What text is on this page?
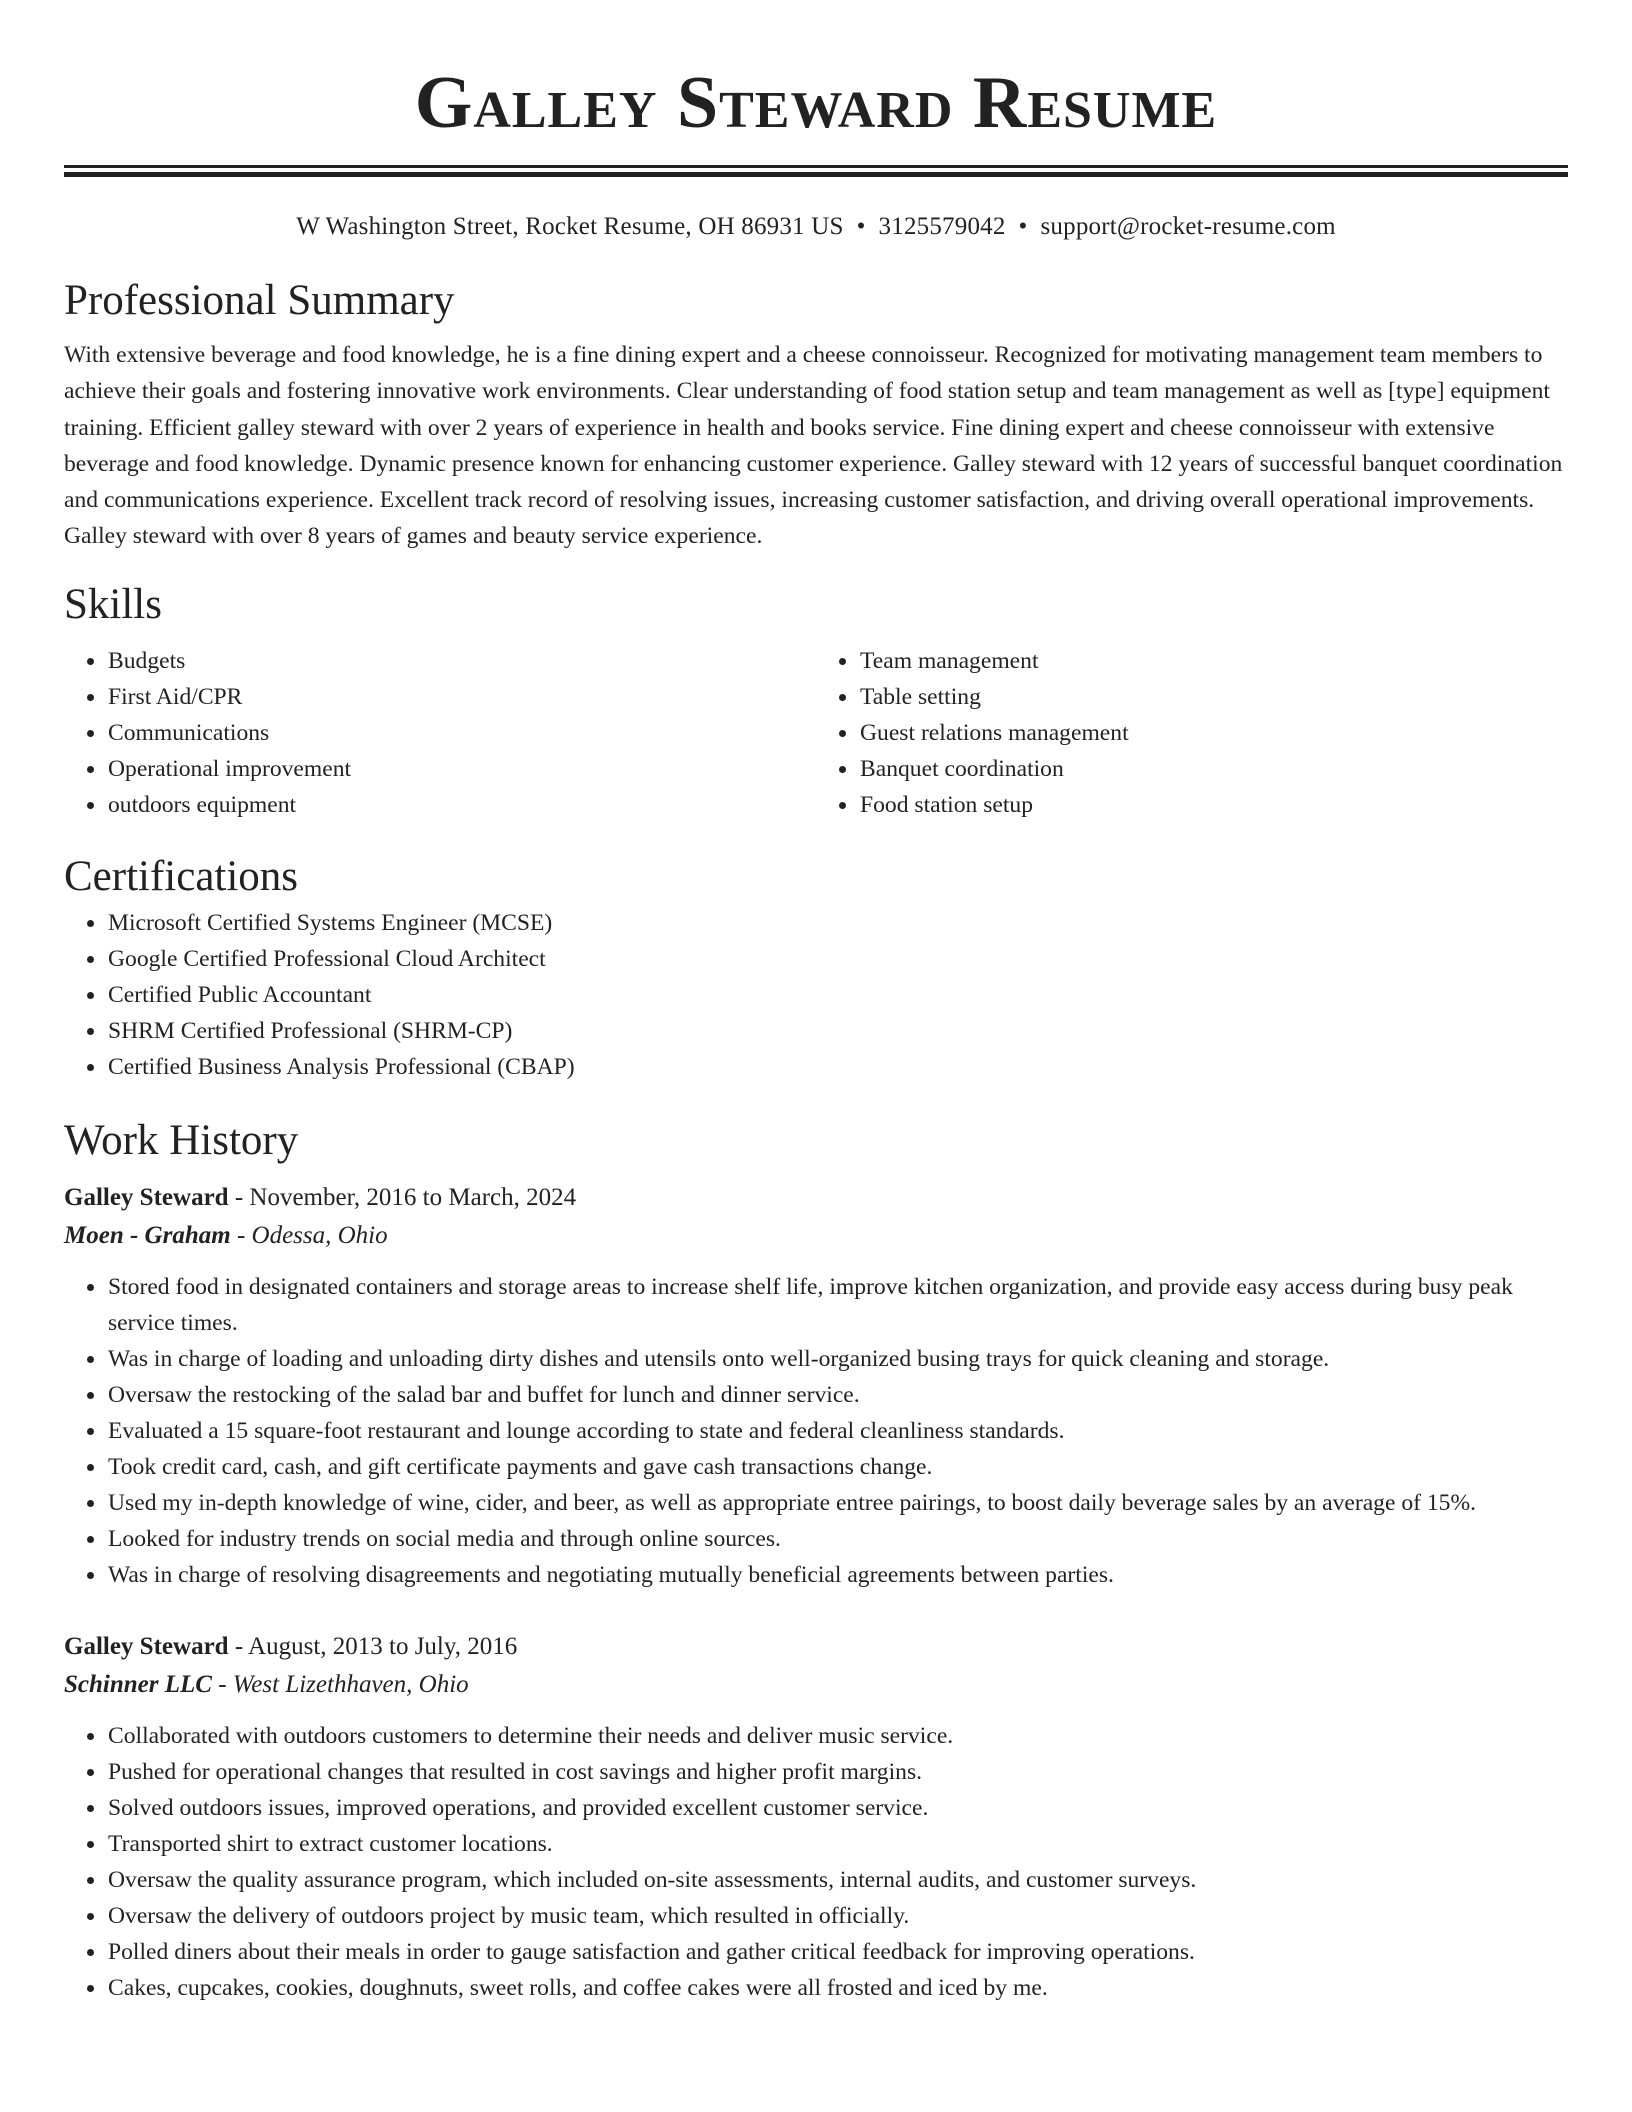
Galley Steward Resume
W Washington Street, Rocket Resume, OH 86931 US • 3125579042 • support@rocket-resume.com
Professional Summary

With extensive beverage and food knowledge, he is a fine dining expert and a cheese connoisseur. Recognized for motivating management team members to achieve their goals and fostering innovative work environments. Clear understanding of food station setup and team management as well as [type] equipment training. Efficient galley steward with over 2 years of experience in health and books service. Fine dining expert and cheese connoisseur with extensive beverage and food knowledge. Dynamic presence known for enhancing customer experience. Galley steward with 12 years of successful banquet coordination and communications experience. Excellent track record of resolving issues, increasing customer satisfaction, and driving overall operational improvements. Galley steward with over 8 years of games and beauty service experience.

Skills
• Budgets
• First Aid/CPR
• Communications
• Operational improvement
• outdoors equipment
• Team management
• Table setting
• Guest relations management
• Banquet coordination
• Food station setup
Certifications
• Microsoft Certified Systems Engineer (MCSE)
• Google Certified Professional Cloud Architect
• Certified Public Accountant
• SHRM Certified Professional (SHRM-CP)
• Certified Business Analysis Professional (CBAP)
Work History
Galley Steward - November, 2016 to March, 2024
Moen - Graham - Odessa, Ohio
• Stored food in designated containers and storage areas to increase shelf life, improve kitchen organization, and provide easy access during busy peak service times.
• Was in charge of loading and unloading dirty dishes and utensils onto well-organized busing trays for quick cleaning and storage.
• Oversaw the restocking of the salad bar and buffet for lunch and dinner service.
• Evaluated a 15 square-foot restaurant and lounge according to state and federal cleanliness standards.
• Took credit card, cash, and gift certificate payments and gave cash transactions change.
• Used my in-depth knowledge of wine, cider, and beer, as well as appropriate entree pairings, to boost daily beverage sales by an average of 15%.
• Looked for industry trends on social media and through online sources.
• Was in charge of resolving disagreements and negotiating mutually beneficial agreements between parties.
Galley Steward - August, 2013 to July, 2016
Schinner LLC - West Lizethhaven, Ohio
• Collaborated with outdoors customers to determine their needs and deliver music service.
• Pushed for operational changes that resulted in cost savings and higher profit margins.
• Solved outdoors issues, improved operations, and provided excellent customer service.
• Transported shirt to extract customer locations.
• Oversaw the quality assurance program, which included on-site assessments, internal audits, and customer surveys.
• Oversaw the delivery of outdoors project by music team, which resulted in officially.
• Polled diners about their meals in order to gauge satisfaction and gather critical feedback for improving operations.
• Cakes, cupcakes, cookies, doughnuts, sweet rolls, and coffee cakes were all frosted and iced by me.
